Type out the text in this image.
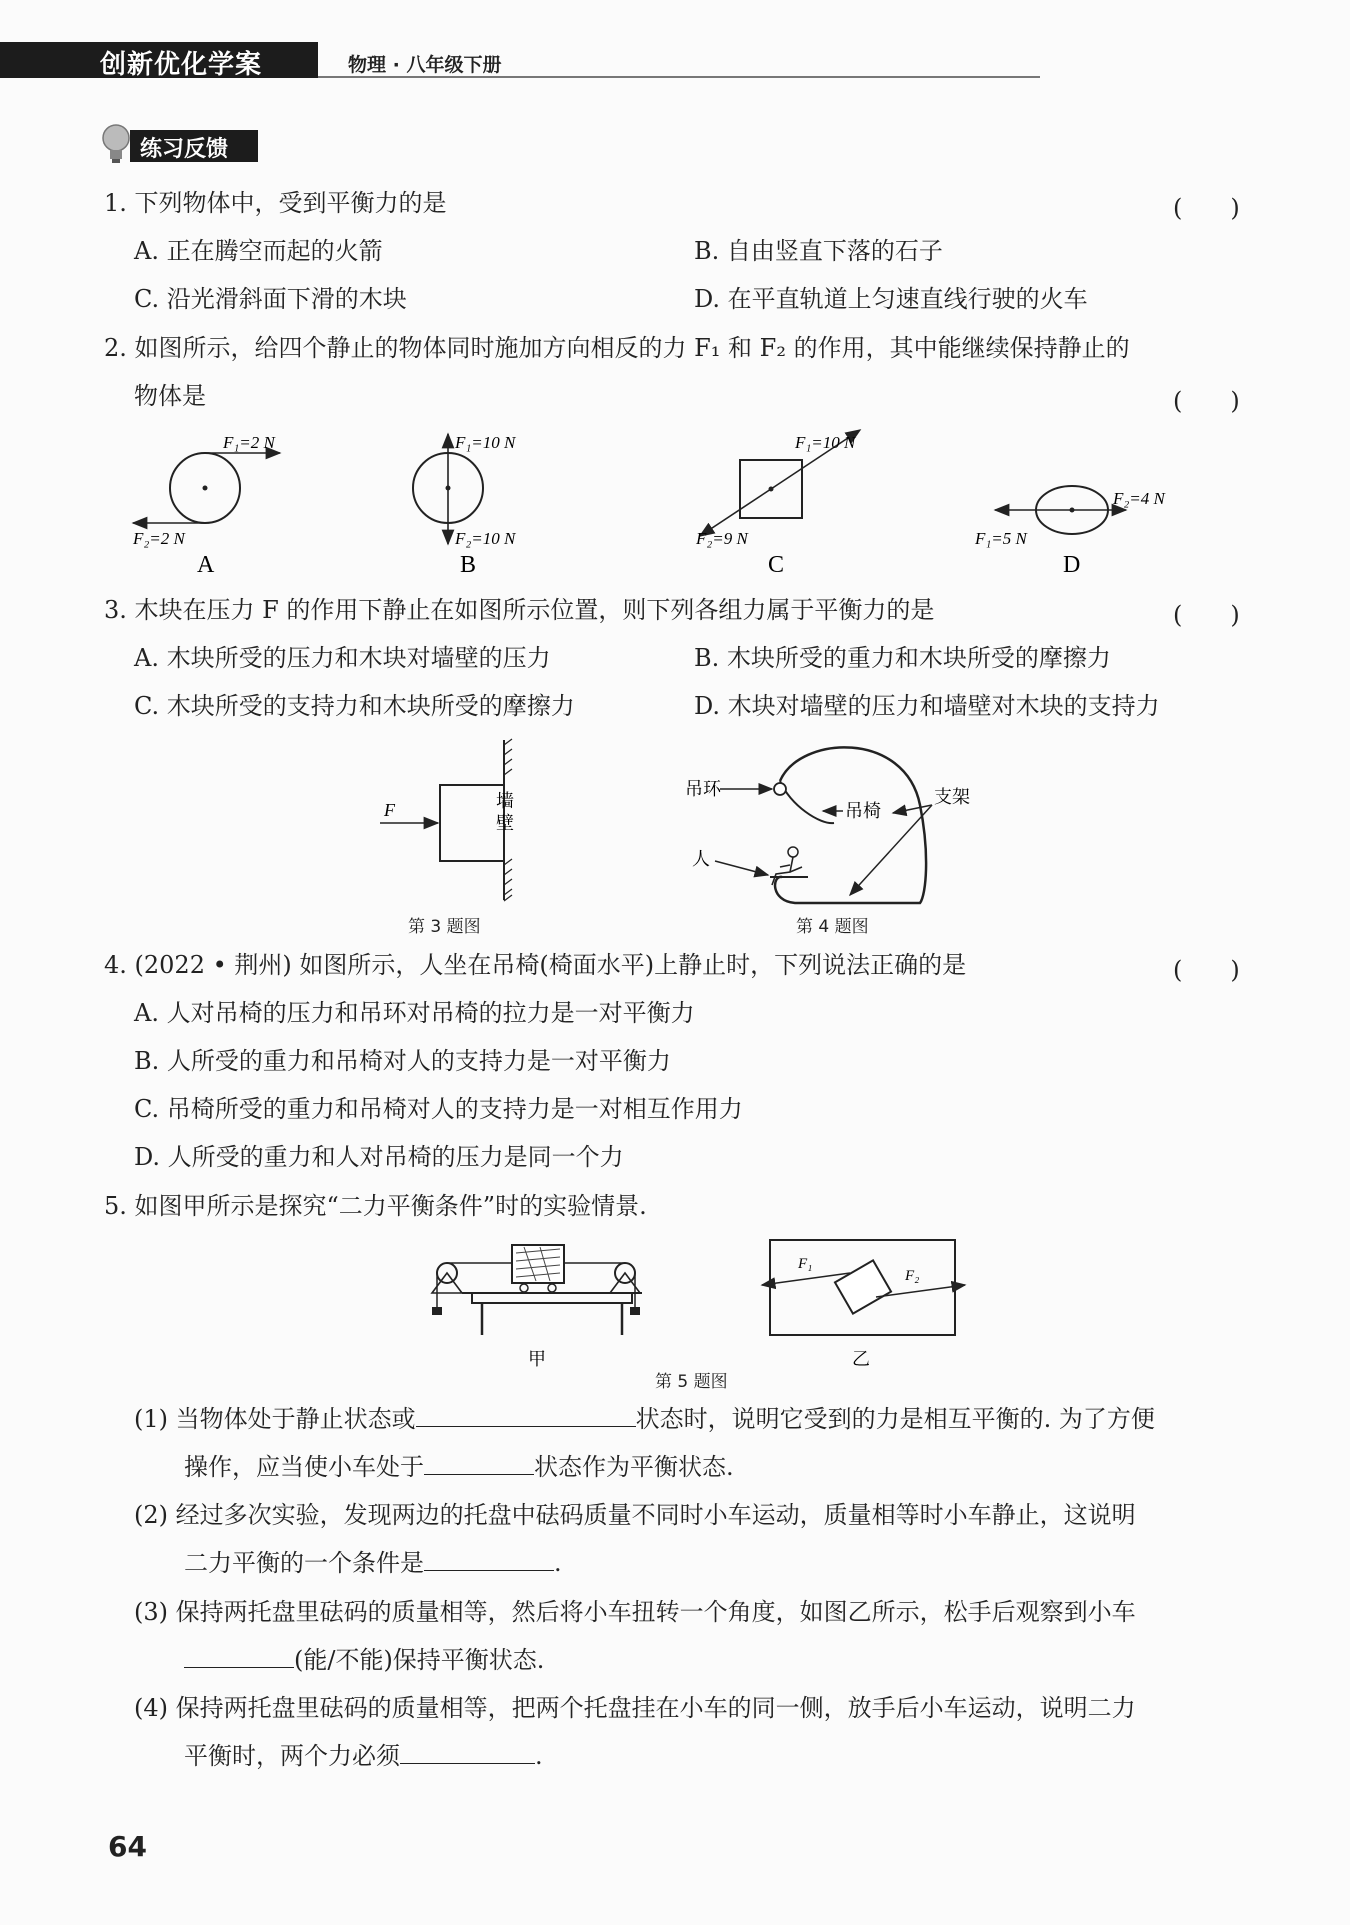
创新优化学案	物理 · 八年级下册
练习反馈
1. 下列物体中，受到平衡力的是	(　　)
A. 正在腾空而起的火箭	B. 自由竖直下落的石子
C. 沿光滑斜面下滑的木块	D. 在平直轨道上匀速直线行驶的火车
2. 如图所示，给四个静止的物体同时施加方向相反的力 F₁ 和 F₂ 的作用，其中能继续保持静止的
物体是	(　　)
F₁=2 N
F₂=2 N
A
F₁=10 N
F₂=10 N
B
F₁=10 N
F₂=9 N
C
F₁=5 N
F₂=4 N
D
3. 木块在压力 F 的作用下静止在如图所示位置，则下列各组力属于平衡力的是	(　　)
A. 木块所受的压力和木块对墙壁的压力	B. 木块所受的重力和木块所受的摩擦力
C. 木块所受的支持力和木块所受的摩擦力	D. 木块对墙壁的压力和墙壁对木块的支持力
F	墙
壁
第 3 题图
吊环
吊椅
支架
人
第 4 题图
4. (2022 • 荆州) 如图所示，人坐在吊椅(椅面水平)上静止时，下列说法正确的是	(　　)
A. 人对吊椅的压力和吊环对吊椅的拉力是一对平衡力
B. 人所受的重力和吊椅对人的支持力是一对平衡力
C. 吊椅所受的重力和吊椅对人的支持力是一对相互作用力
D. 人所受的重力和人对吊椅的压力是同一个力
5. 如图甲所示是探究“二力平衡条件”时的实验情景.
甲
F₁
F₂
乙
第 5 题图
(1) 当物体处于静止状态或	状态时，说明它受到的力是相互平衡的. 为了方便
操作，应当使小车处于	状态作为平衡状态.
(2) 经过多次实验，发现两边的托盘中砝码质量不同时小车运动，质量相等时小车静止，这说明
二力平衡的一个条件是	.
(3) 保持两托盘里砝码的质量相等，然后将小车扭转一个角度，如图乙所示，松手后观察到小车
(能/不能)保持平衡状态.
(4) 保持两托盘里砝码的质量相等，把两个托盘挂在小车的同一侧，放手后小车运动，说明二力
平衡时，两个力必须	.
64
